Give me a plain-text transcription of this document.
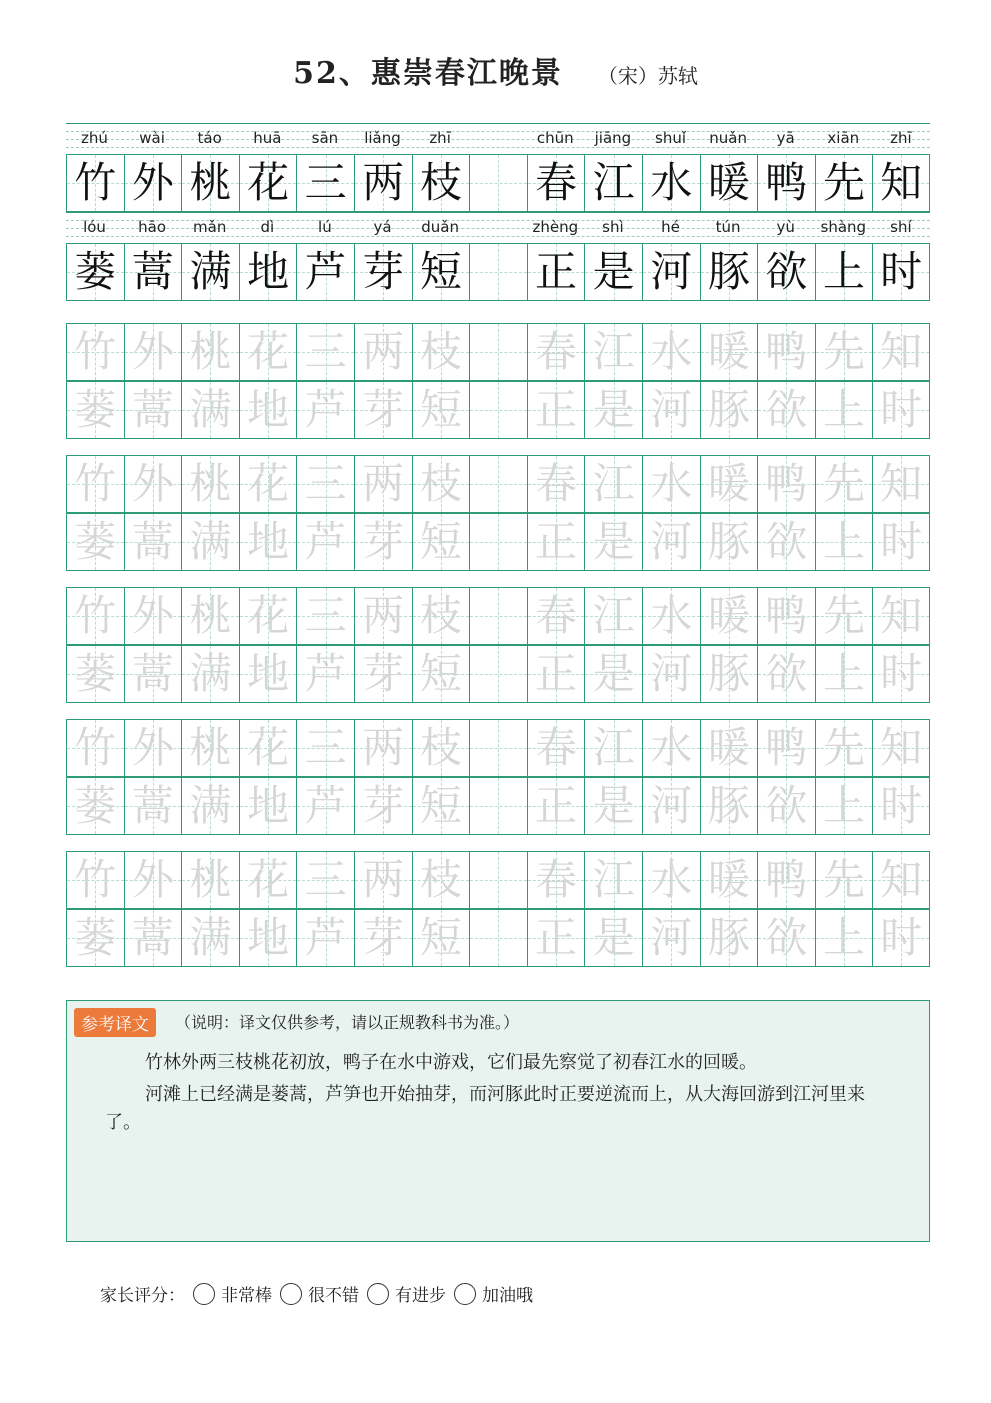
52、惠崇春江晚景 （宋）苏轼
zhú	wài	táo	huā	sān	liǎng	zhī	chūn	jiāng	shuǐ	nuǎn	yā	xiān	zhī
竹 外 桃 花 三 两 枝 春 江 水 暖 鸭 先 知
lóu	hāo	mǎn	dì	lú	yá	duǎn	zhèng	shì	hé	tún	yù	shàng	shí
蒌 蒿 满 地 芦 芽 短 正 是 河 豚 欲 上 时
竹 外 桃 花 三 两 枝 春 江 水 暖 鸭 先 知
蒌 蒿 满 地 芦 芽 短 正 是 河 豚 欲 上 时
竹 外 桃 花 三 两 枝 春 江 水 暖 鸭 先 知
蒌 蒿 满 地 芦 芽 短 正 是 河 豚 欲 上 时
竹 外 桃 花 三 两 枝 春 江 水 暖 鸭 先 知
蒌 蒿 满 地 芦 芽 短 正 是 河 豚 欲 上 时
竹 外 桃 花 三 两 枝 春 江 水 暖 鸭 先 知
蒌 蒿 满 地 芦 芽 短 正 是 河 豚 欲 上 时
竹 外 桃 花 三 两 枝 春 江 水 暖 鸭 先 知
蒌 蒿 满 地 芦 芽 短 正 是 河 豚 欲 上 时
参考译文	（说明：译文仅供参考，请以正规教科书为准。）
竹林外两三枝桃花初放，鸭子在水中游戏，它们最先察觉了初春江水的回暖。
河滩上已经满是蒌蒿，芦笋也开始抽芽，而河豚此时正要逆流而上，从大海回游到江河里来了。
家长评分： 非常棒 很不错 有进步 加油哦
